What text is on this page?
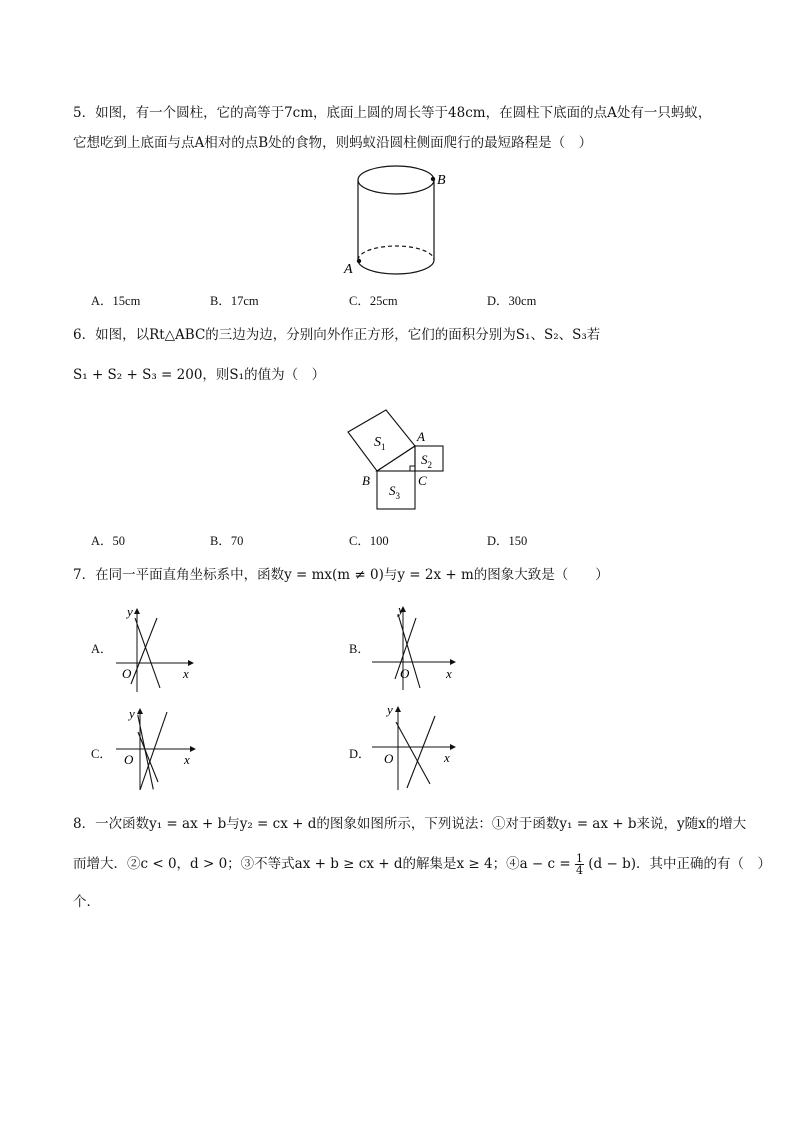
5．如图，有一个圆柱，它的高等于7cm，底面上圆的周长等于48cm，在圆柱下底面的点A处有一只蚂蚁，
它想吃到上底面与点A相对的点B处的食物，则蚂蚁沿圆柱侧面爬行的最短路程是（　）
B
A
A．15cm	B．17cm	C．25cm	D．30cm
6．如图，以Rt△ABC的三边为边，分别向外作正方形，它们的面积分别为S₁、S₂、S₃若
S₁ + S₂ + S₃ = 200，则S₁的值为（　）
$S_1$
$S_2$
$S_3$
A
B	C
A．50	B．70	C．100	D．150
7．在同一平面直角坐标系中，函数y = mx(m ≠ 0)与y = 2x + m的图象大致是（　　）
A．
y
x
O
B．
y
x
O
C．
y
x
O	D．
y
x
O
8．一次函数y₁ = ax + b与y₂ = cx + d的图象如图所示，下列说法：①对于函数y₁ = ax + b来说，y随x的增大
而增大．②c < 0，d > 0；③不等式ax + b ≥ cx + d的解集是x ≥ 4；④a − $c = \frac{1}{4} (d - b)$．其中正确的有（　）
个．
